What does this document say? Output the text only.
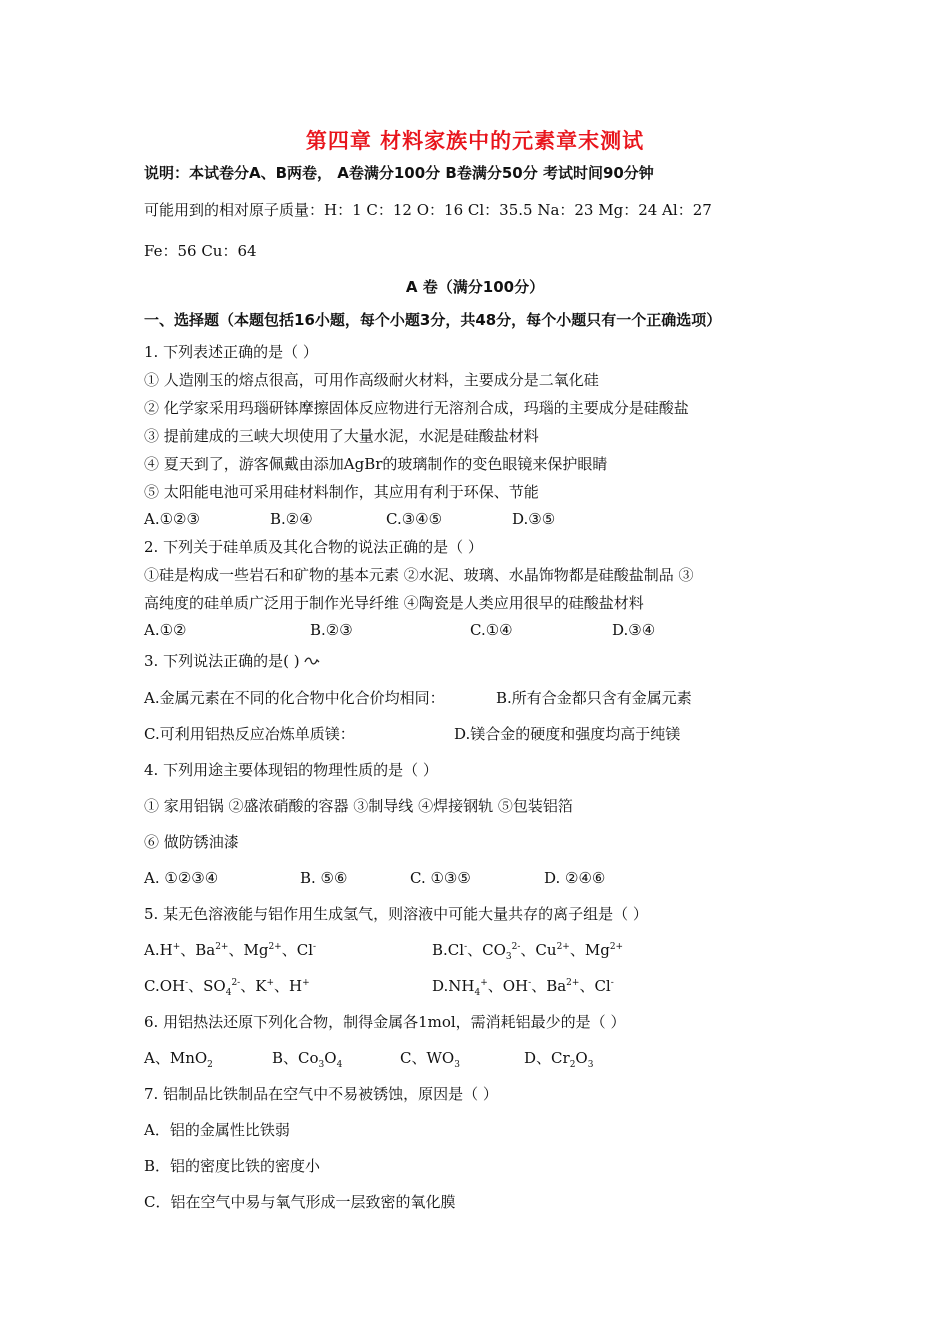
第四章 材料家族中的元素章末测试
说明：本试卷分A、B两卷， A卷满分100分 B卷满分50分 考试时间90分钟
可能用到的相对原子质量：H：1 C：12 O：16 Cl：35.5 Na：23 Mg：24 Al：27
Fe：56 Cu：64
A 卷（满分100分）
一、选择题（本题包括16小题，每个小题3分，共48分，每个小题只有一个正确选项）
1. 下列表述正确的是（ ）
① 人造刚玉的熔点很高，可用作高级耐火材料，主要成分是二氧化硅
② 化学家采用玛瑙研钵摩擦固体反应物进行无溶剂合成，玛瑙的主要成分是硅酸盐
③ 提前建成的三峡大坝使用了大量水泥，水泥是硅酸盐材料
④ 夏天到了，游客佩戴由添加AgBr的玻璃制作的变色眼镜来保护眼睛
⑤ 太阳能电池可采用硅材料制作，其应用有利于环保、节能
A.①②③	B.②④	C.③④⑤	D.③⑤
2. 下列关于硅单质及其化合物的说法正确的是（ ）
①硅是构成一些岩石和矿物的基本元素 ②水泥、玻璃、水晶饰物都是硅酸盐制品 ③
高纯度的硅单质广泛用于制作光导纤维 ④陶瓷是人类应用很早的硅酸盐材料
A.①②	B.②③	C.①④	D.③④
3. 下列说法正确的是( )
A.金属元素在不同的化合物中化合价均相同：	B.所有合金都只含有金属元素
C.可利用铝热反应冶炼单质镁：	D.镁合金的硬度和强度均高于纯镁
4. 下列用途主要体现铝的物理性质的是（ ）
① 家用铝锅 ②盛浓硝酸的容器 ③制导线 ④焊接钢轨 ⑤包装铝箔
⑥ 做防锈油漆
A. ①②③④	B. ⑤⑥	C. ①③⑤	D. ②④⑥
5. 某无色溶液能与铝作用生成氢气，则溶液中可能大量共存的离子组是（ ）
A.H+、$Ba^{2+}$、$Mg^{2+}$、Cl-	B.Cl-、$CO_3^{2-}$、$Cu^{2+}$、$Mg^{2+}$
C.OH-、$SO_4^{2-}$、K+、H+	$D.NH_4^+$、OH-、$Ba^{2+}$、Cl-
6. 用铝热法还原下列化合物，制得金属各1mol，需消耗铝最少的是（ ）
A、MnO$_2$	B、$Co_3O_4$	C、$WO_3$	D、$Cr_2O_3$
7. 铝制品比铁制品在空气中不易被锈蚀，原因是（ ）
A．铝的金属性比铁弱
B．铝的密度比铁的密度小
C．铝在空气中易与氧气形成一层致密的氧化膜
